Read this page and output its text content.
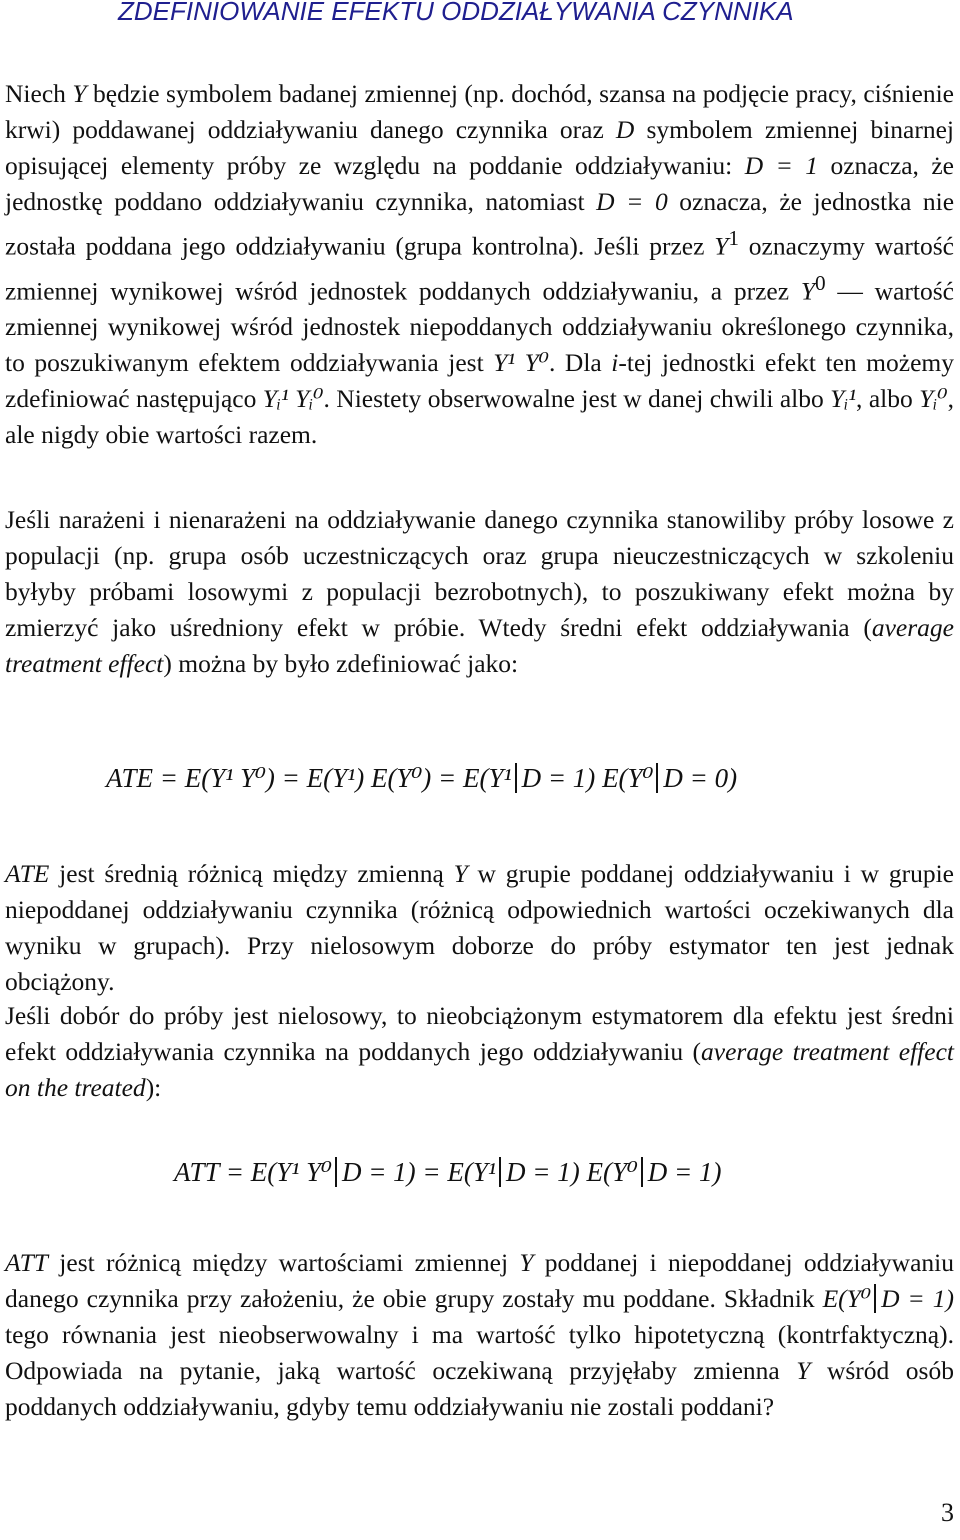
ZDEFINIOWANIE EFEKTU ODDZIAŁYWANIA CZYNNIKA
Niech Y będzie symbolem badanej zmiennej (np. dochód, szansa na podjęcie pracy, ciśnienie krwi) poddawanej oddziaływaniu danego czynnika oraz D symbolem zmiennej binarnej opisującej elementy próby ze względu na poddanie oddziaływaniu: D = 1 oznacza, że jednostkę poddano oddziaływaniu czynnika, natomiast D = 0 oznacza, że jednostka nie została poddana jego oddziaływaniu (grupa kontrolna). Jeśli przez $Y^1$ oznaczymy wartość zmiennej wynikowej wśród jednostek poddanych oddziaływaniu, a przez $Y^0$ — wartość zmiennej wynikowej wśród jednostek niepoddanych oddziaływaniu określonego czynnika, to poszukiwanym efektem oddziaływania jest Y¹ Y⁰. Dla i-tej jednostki efekt ten możemy zdefiniować następująco Yᵢ¹ Yᵢ⁰. Niestety obserwowalne jest w danej chwili albo Yᵢ¹, albo Yᵢ⁰, ale nigdy obie wartości razem.
Jeśli narażeni i nienarażeni na oddziaływanie danego czynnika stanowiliby próby losowe z populacji (np. grupa osób uczestniczących oraz grupa nieuczestniczących w szkoleniu byłyby próbami losowymi z populacji bezrobotnych), to poszukiwany efekt można by zmierzyć jako uśredniony efekt w próbie. Wtedy średni efekt oddziaływania (average treatment effect) można by było zdefiniować jako:
ATE = E(Y¹ Y⁰) = E(Y¹) E(Y⁰) = E(Y¹ D = 1) E(Y⁰ D = 0)
ATE jest średnią różnicą między zmienną Y w grupie poddanej oddziaływaniu i w grupie niepoddanej oddziaływaniu czynnika (różnicą odpowiednich wartości oczekiwanych dla wyniku w grupach). Przy nielosowym doborze do próby estymator ten jest jednak obciążony.
Jeśli dobór do próby jest nielosowy, to nieobciążonym estymatorem dla efektu jest średni efekt oddziaływania czynnika na poddanych jego oddziaływaniu (average treatment effect on the treated):
ATT = E(Y¹ Y⁰ D = 1) = E(Y¹ D = 1) E(Y⁰ D = 1)
ATT jest różnicą między wartościami zmiennej Y poddanej i niepoddanej oddziaływaniu danego czynnika przy założeniu, że obie grupy zostały mu poddane. Składnik E(Y⁰ D = 1) tego równania jest nieobserwowalny i ma wartość tylko hipotetyczną (kontrfaktyczną). Odpowiada na pytanie, jaką wartość oczekiwaną przyjęłaby zmienna Y wśród osób poddanych oddziaływaniu, gdyby temu oddziaływaniu nie zostali poddani?
3
